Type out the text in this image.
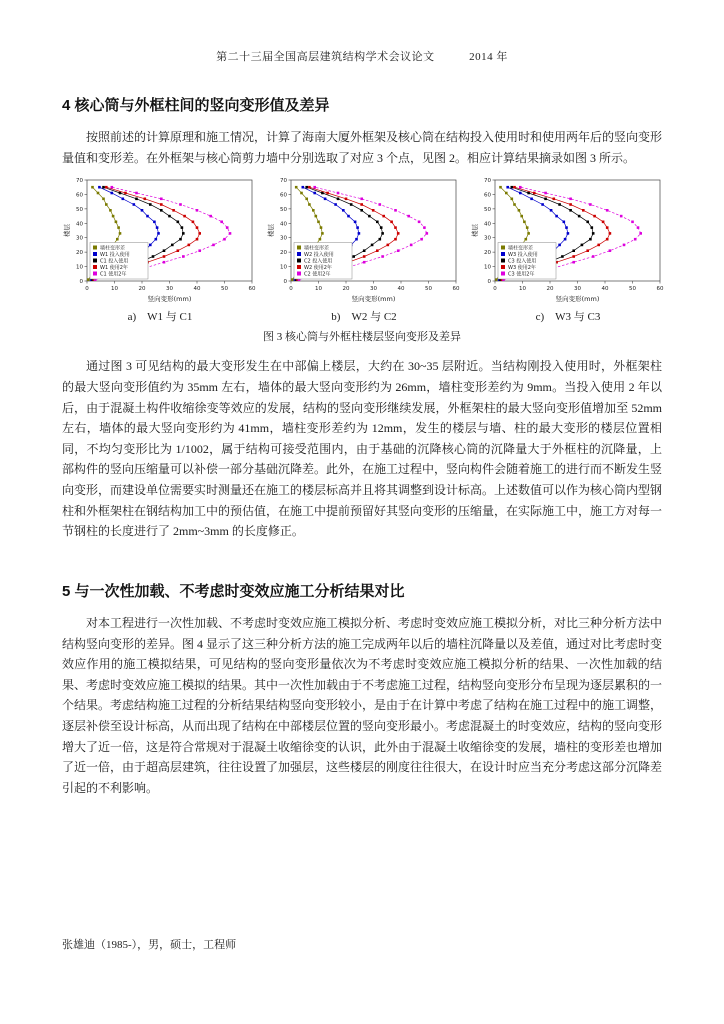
第二十三届全国高层建筑结构学术会议论文　　　2014 年
4 核心筒与外框柱间的竖向变形值及差异

按照前述的计算原理和施工情况，计算了海南大厦外框架及核心筒在结构投入使用时和使用两年后的竖向变形量值和变形差。在外框架与核心筒剪力墙中分别选取了对应 3 个点，见图 2。相应计算结果摘录如图 3 所示。

0	10	20	30	40	50	60
0
10
20
30
40
50
60
70
竖向变形(mm)
楼层
墙柱变形差
W1 投入使用
C1 投入使用
W1 使用2年
C1 使用2年
a)　W1 与 C1
0	10	20	30	40	50	60
0
10
20
30
40
50
60
70
竖向变形(mm)
楼层
墙柱变形差
W2 投入使用
C2 投入使用
W2 使用2年
C2 使用2年
b)　W2 与 C2
0	10	20	30	40	50	60
0
10
20
30
40
50
60
70
竖向变形(mm)
楼层
墙柱变形差
W3 投入使用
C3 投入使用
W3 使用2年
C3 使用2年
c)　W3 与 C3
图 3 核心筒与外框柱楼层竖向变形及差异

通过图 3 可见结构的最大变形发生在中部偏上楼层，大约在 30~35 层附近。当结构刚投入使用时，外框架柱的最大竖向变形值约为 35mm 左右，墙体的最大竖向变形约为 26mm，墙柱变形差约为 9mm。当投入使用 2 年以后，由于混凝土构件收缩徐变等效应的发展，结构的竖向变形继续发展，外框架柱的最大竖向变形值增加至 52mm 左右，墙体的最大竖向变形约为 41mm，墙柱变形差约为 12mm，发生的楼层与墙、柱的最大变形的楼层位置相同，不均匀变形比为 1/1002，属于结构可接受范围内，由于基础的沉降核心筒的沉降量大于外框柱的沉降量，上部构件的竖向压缩量可以补偿一部分基础沉降差。此外，在施工过程中，竖向构件会随着施工的进行而不断发生竖向变形，而建设单位需要实时测量还在施工的楼层标高并且将其调整到设计标高。上述数值可以作为核心筒内型钢柱和外框架柱在钢结构加工中的预估值，在施工中提前预留好其竖向变形的压缩量，在实际施工中，施工方对每一节钢柱的长度进行了 2mm~3mm 的长度修正。

5 与一次性加载、不考虑时变效应施工分析结果对比

对本工程进行一次性加载、不考虑时变效应施工模拟分析、考虑时变效应施工模拟分析，对比三种分析方法中结构竖向变形的差异。图 4 显示了这三种分析方法的施工完成两年以后的墙柱沉降量以及差值，通过对比考虑时变效应作用的施工模拟结果，可见结构的竖向变形量依次为不考虑时变效应施工模拟分析的结果、一次性加载的结果、考虑时变效应施工模拟的结果。其中一次性加载由于不考虑施工过程，结构竖向变形分布呈现为逐层累积的一个结果。考虑结构施工过程的分析结果结构竖向变形较小，是由于在计算中考虑了结构在施工过程中的施工调整，逐层补偿至设计标高，从而出现了结构在中部楼层位置的竖向变形最小。考虑混凝土的时变效应，结构的竖向变形增大了近一倍，这是符合常规对于混凝土收缩徐变的认识，此外由于混凝土收缩徐变的发展，墙柱的变形差也增加了近一倍，由于超高层建筑，往往设置了加强层，这些楼层的刚度往往很大，在设计时应当充分考虑这部分沉降差引起的不利影响。

张雄迪（1985-），男，硕士，工程师
